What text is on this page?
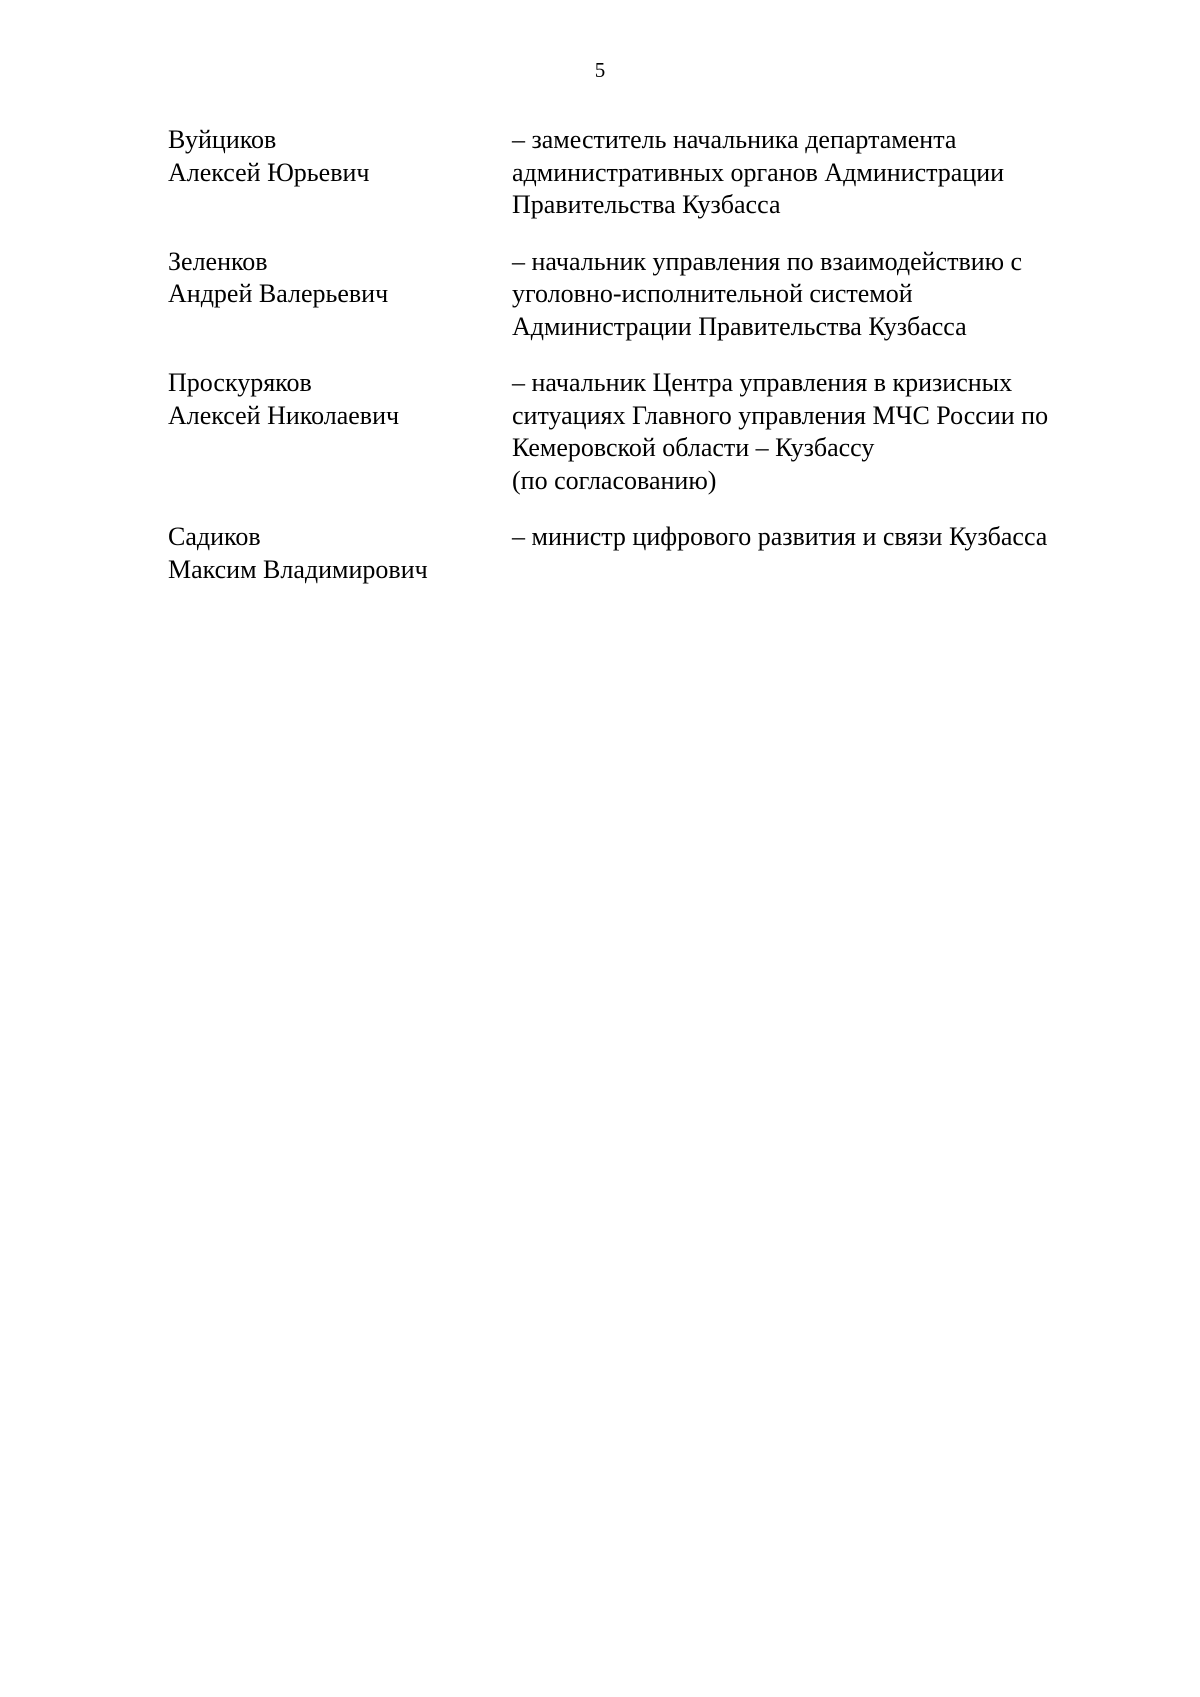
5
Вуйциков
Алексей Юрьевич
– заместитель начальника департамента
административных органов Администрации
Правительства Кузбасса
Зеленков
Андрей Валерьевич
– начальник управления по взаимодействию с
уголовно-исполнительной системой
Администрации Правительства Кузбасса
Проскуряков
Алексей Николаевич
– начальник Центра управления в кризисных
ситуациях Главного управления МЧС России по
Кемеровской области – Кузбассу
(по согласованию)
Садиков
Максим Владимирович
– министр цифрового развития и связи Кузбасса
